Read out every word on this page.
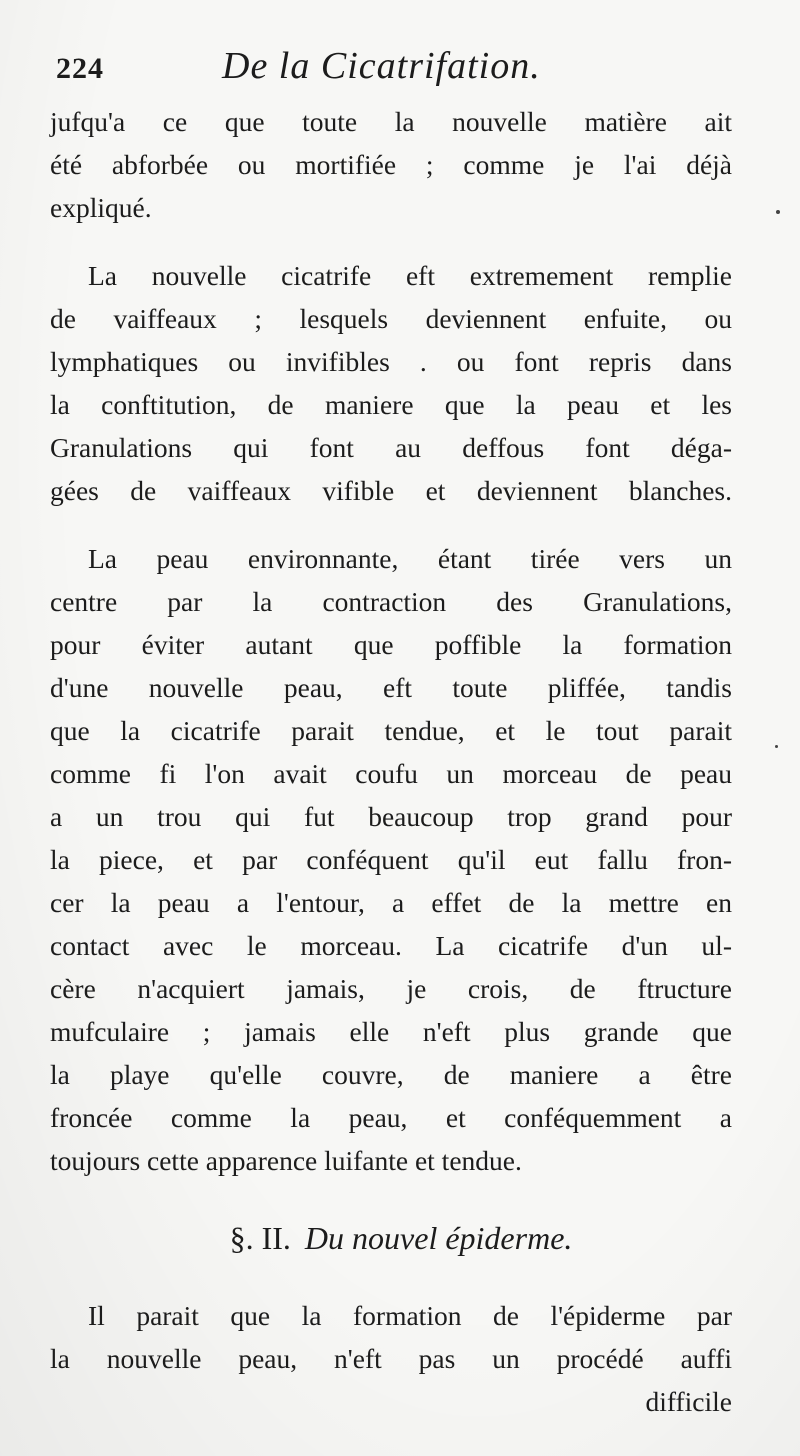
224	De la Cicatrifation.
jufqu'a ce que toute la nouvelle matière ait
été abforbée ou mortifiée ; comme je l'ai déjà
expliqué.
La nouvelle cicatrife eft extremement remplie
de vaiffeaux ; lesquels deviennent enfuite, ou
lymphatiques ou invifibles . ou font repris dans
la conftitution, de maniere que la peau et les
Granulations qui font au deffous font déga-
gées de vaiffeaux vifible et deviennent blanches.
La peau environnante, étant tirée vers un
centre par la contraction des Granulations,
pour éviter autant que poffible la formation
d'une nouvelle peau, eft toute pliffée, tandis
que la cicatrife parait tendue, et le tout parait
comme fi l'on avait coufu un morceau de peau
a un trou qui fut beaucoup trop grand pour
la piece, et par conféquent qu'il eut fallu fron-
cer la peau a l'entour, a effet de la mettre en
contact avec le morceau. La cicatrife d'un ul-
cère n'acquiert jamais, je crois, de ftructure
mufculaire ; jamais elle n'eft plus grande que
la playe qu'elle couvre, de maniere a être
froncée comme la peau, et conféquemment a
toujours cette apparence luifante et tendue.
§. II. Du nouvel épiderme.
Il parait que la formation de l'épiderme par
la nouvelle peau, n'eft pas un procédé auffi
difficile
